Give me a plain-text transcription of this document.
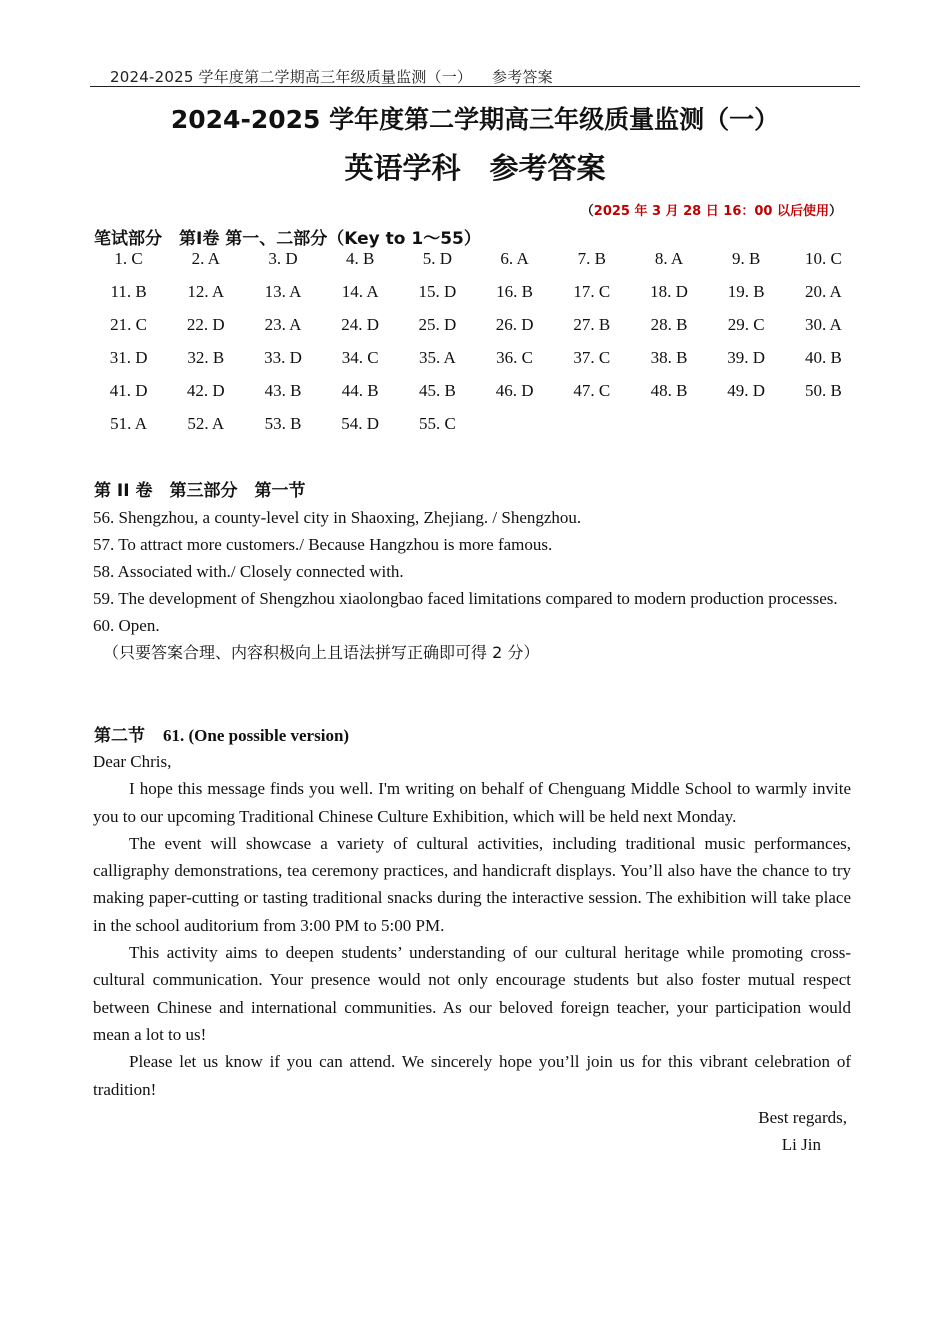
2024-2025 学年度第二学期高三年级质量监测（一）    参考答案
2024-2025 学年度第二学期高三年级质量监测（一）
英语学科　参考答案
（2025 年 3 月 28 日 16：00 以后使用）
笔试部分　第I卷 第一、二部分（Key to 1～55）
1. C	2. A	3. D	4. B	5. D	6. A	7. B	8. A	9. B	10. C
11. B	12. A	13. A	14. A	15. D	16. B	17. C	18. D	19. B	20. A
21. C	22. D	23. A	24. D	25. D	26. D	27. B	28. B	29. C	30. A
31. D	32. B	33. D	34. C	35. A	36. C	37. C	38. B	39. D	40. B
41. D	42. D	43. B	44. B	45. B	46. D	47. C	48. B	49. D	50. B
51. A	52. A	53. B	54. D	55. C
第 II 卷　第三部分　第一节
56. Shengzhou, a county-level city in Shaoxing, Zhejiang. / Shengzhou.
57. To attract more customers./ Because Hangzhou is more famous.
58. Associated with./ Closely connected with.
59. The development of Shengzhou xiaolongbao faced limitations compared to modern production processes.
60. Open.
（只要答案合理、内容积极向上且语法拼写正确即可得 2 分）
第二节 61. (One possible version)

Dear Chris,

I hope this message finds you well. I'm writing on behalf of Chenguang Middle School to warmly invite you to our upcoming Traditional Chinese Culture Exhibition, which will be held next Monday.

The event will showcase a variety of cultural activities, including traditional music performances, calligraphy demonstrations, tea ceremony practices, and handicraft displays. You’ll also have the chance to try making paper-cutting or tasting traditional snacks during the interactive session. The exhibition will take place in the school auditorium from 3:00 PM to 5:00 PM.

This activity aims to deepen students’ understanding of our cultural heritage while promoting cross-cultural communication. Your presence would not only encourage students but also foster mutual respect between Chinese and international communities. As our beloved foreign teacher, your participation would mean a lot to us!

Please let us know if you can attend. We sincerely hope you’ll join us for this vibrant celebration of tradition!

Best regards,
Li Jin
